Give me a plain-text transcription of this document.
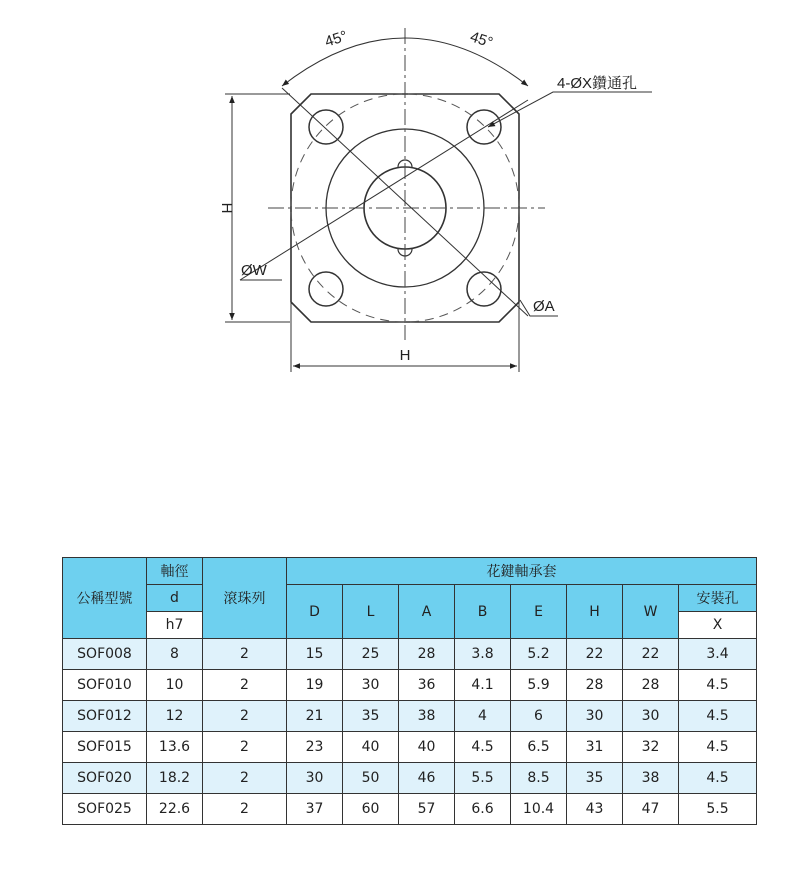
45°	45°
4-ØX鑽通孔
H
H
ØW
ØA
公稱型號	軸徑	滾珠列	花鍵軸承套							
	d		D	L	A	B	E	H	W	安裝孔
	h7									X
SOF008	8	2	15	25	28	3.8	5.2	22	22	3.4
SOF010	10	2	19	30	36	4.1	5.9	28	28	4.5
SOF012	12	2	21	35	38	4	6	30	30	4.5
SOF015	13.6	2	23	40	40	4.5	6.5	31	32	4.5
SOF020	18.2	2	30	50	46	5.5	8.5	35	38	4.5
SOF025	22.6	2	37	60	57	6.6	10.4	43	47	5.5
